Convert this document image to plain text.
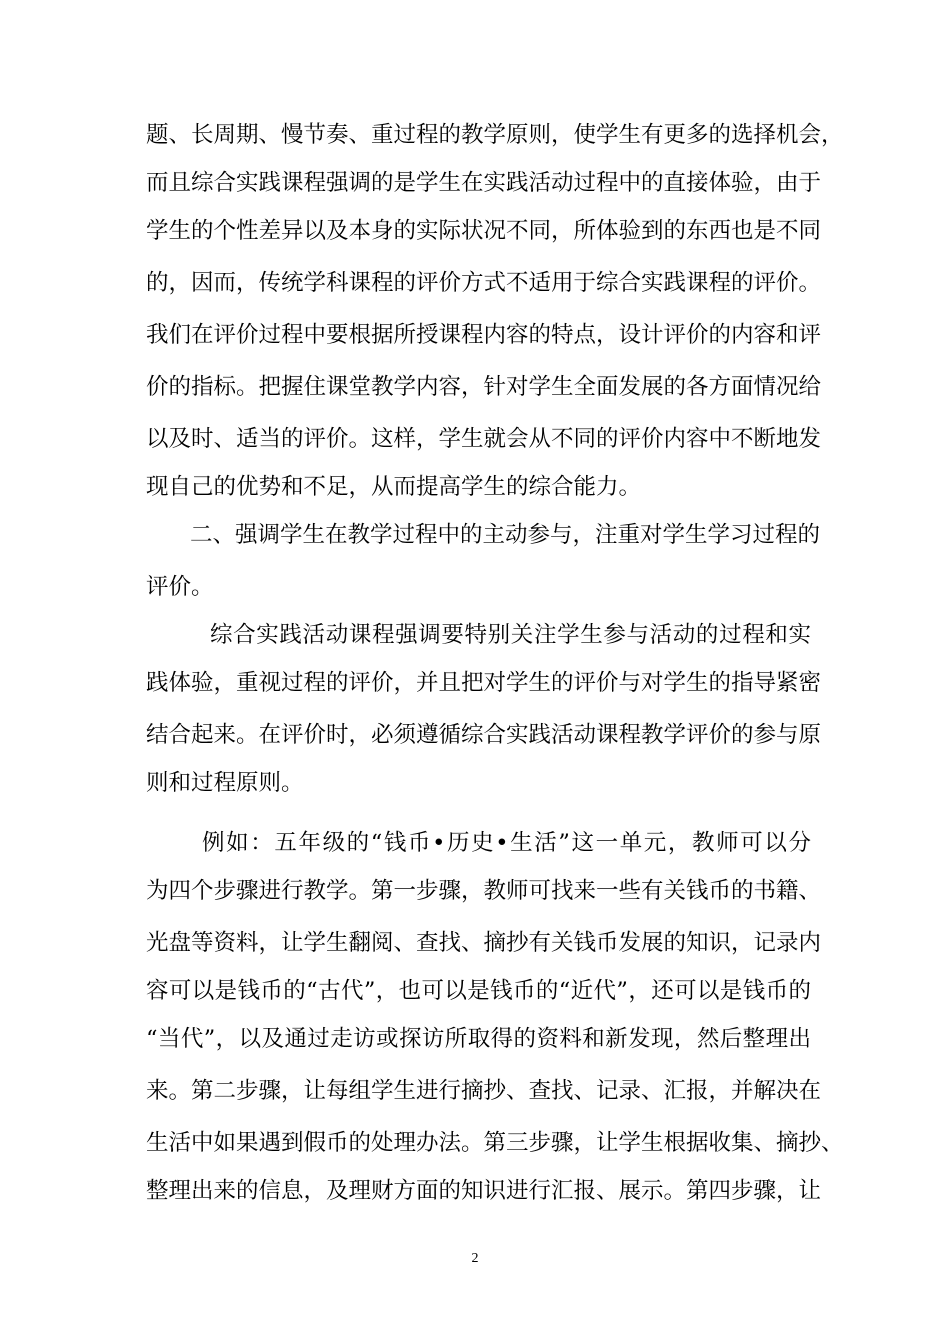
题、长周期、慢节奏、重过程的教学原则，使学生有更多的选择机会，
而且综合实践课程强调的是学生在实践活动过程中的直接体验，由于
学生的个性差异以及本身的实际状况不同，所体验到的东西也是不同
的，因而，传统学科课程的评价方式不适用于综合实践课程的评价。
我们在评价过程中要根据所授课程内容的特点，设计评价的内容和评
价的指标。把握住课堂教学内容，针对学生全面发展的各方面情况给
以及时、适当的评价。这样，学生就会从不同的评价内容中不断地发
现自己的优势和不足，从而提高学生的综合能力。
二、强调学生在教学过程中的主动参与，注重对学生学习过程的
评价。
综合实践活动课程强调要特别关注学生参与活动的过程和实
践体验，重视过程的评价，并且把对学生的评价与对学生的指导紧密
结合起来。在评价时，必须遵循综合实践活动课程教学评价的参与原
则和过程原则。
例如：五年级的“钱币•历史•生活”这一单元，教师可以分
为四个步骤进行教学。第一步骤，教师可找来一些有关钱币的书籍、
光盘等资料，让学生翻阅、查找、摘抄有关钱币发展的知识，记录内
容可以是钱币的“古代”，也可以是钱币的“近代”，还可以是钱币的
“当代”，以及通过走访或探访所取得的资料和新发现，然后整理出
来。第二步骤，让每组学生进行摘抄、查找、记录、汇报，并解决在
生活中如果遇到假币的处理办法。第三步骤，让学生根据收集、摘抄、
整理出来的信息，及理财方面的知识进行汇报、展示。第四步骤，让
2
